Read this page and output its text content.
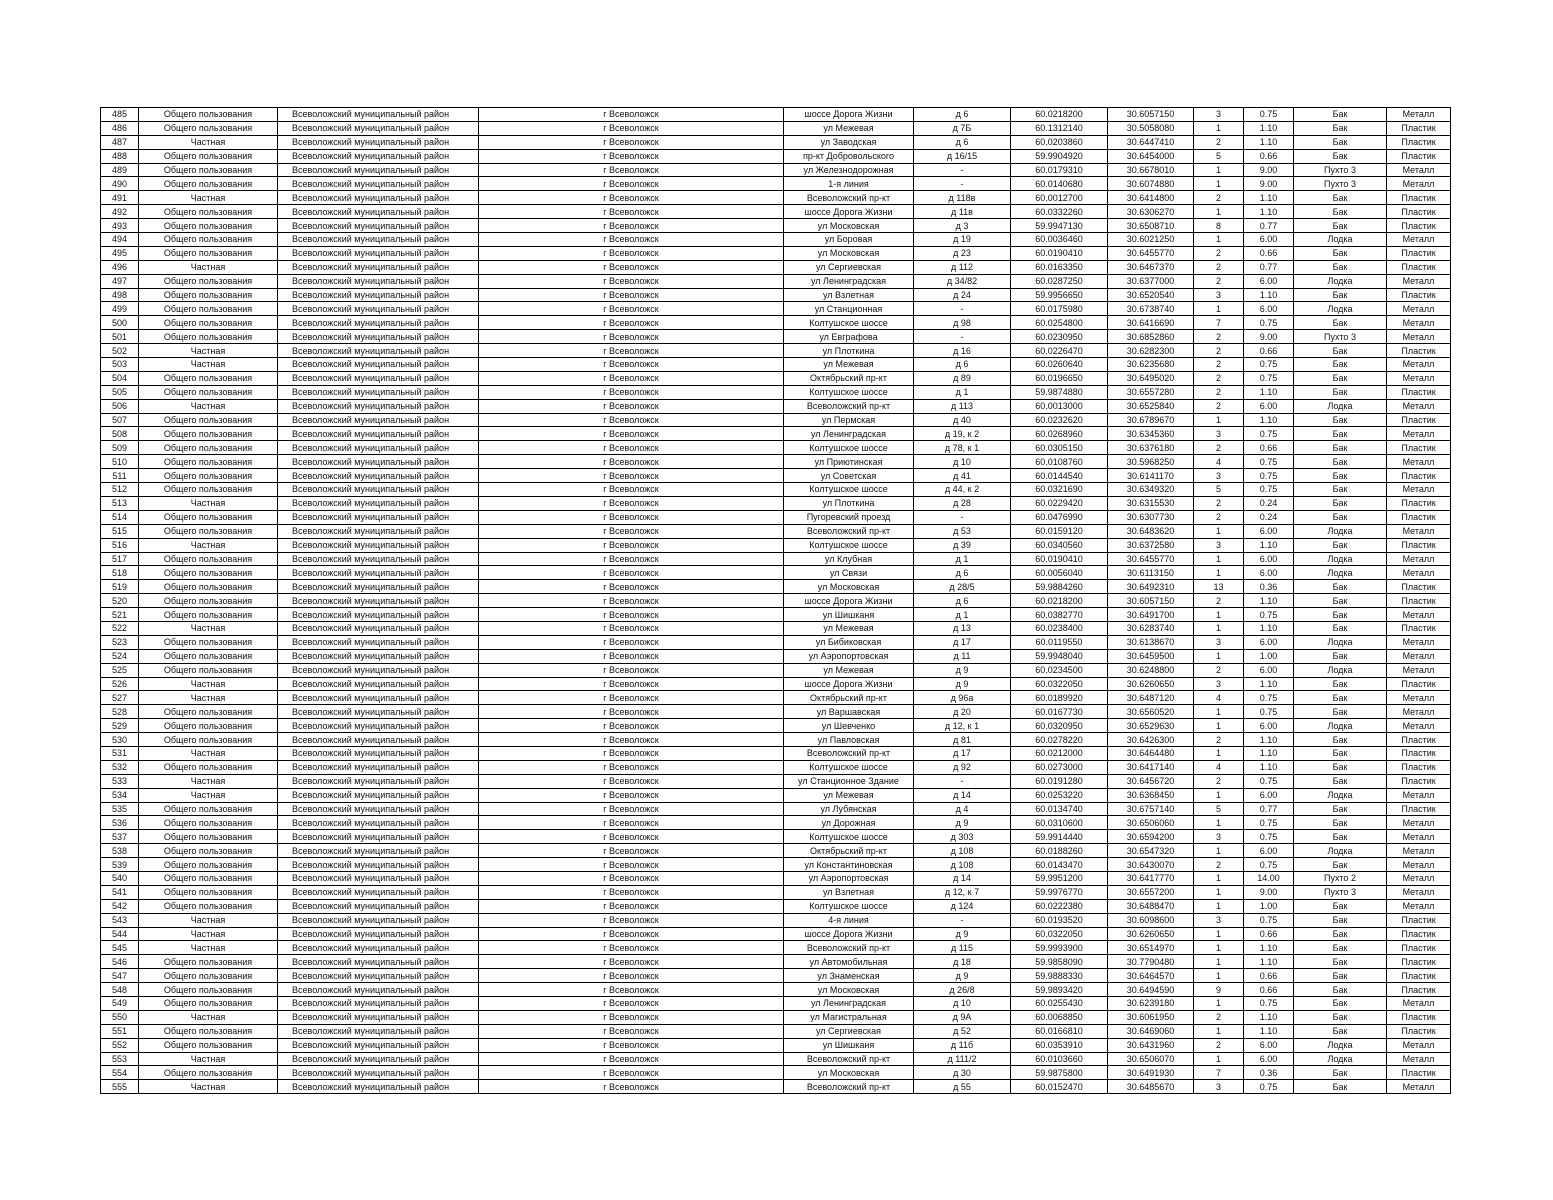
485	Общего пользования	Всеволожский муниципальный район	г Всеволожск	шоссе Дорога Жизни	д 6	60.0218200	30.6057150	3	0.75	Бак	Металл
486	Общего пользования	Всеволожский муниципальный район	г Всеволожск	ул Межевая	д 7Б	60.1312140	30.5058080	1	1.10	Бак	Пластик
487	Частная	Всеволожский муниципальный район	г Всеволожск	ул Заводская	д 6	60.0203860	30.6447410	2	1.10	Бак	Пластик
488	Общего пользования	Всеволожский муниципальный район	г Всеволожск	пр-кт Добровольского	д 16/15	59.9904920	30.6454000	5	0.66	Бак	Пластик
489	Общего пользования	Всеволожский муниципальный район	г Всеволожск	ул Железнодорожная	-	60.0179310	30.6678010	1	9.00	Пухто 3	Металл
490	Общего пользования	Всеволожский муниципальный район	г Всеволожск	1-я линия	-	60.0140680	30.6074880	1	9.00	Пухто 3	Металл
491	Частная	Всеволожский муниципальный район	г Всеволожск	Всеволожский пр-кт	д 118в	60.0012700	30.6414800	2	1.10	Бак	Пластик
492	Общего пользования	Всеволожский муниципальный район	г Всеволожск	шоссе Дорога Жизни	д 11в	60.0332260	30.6306270	1	1.10	Бак	Пластик
493	Общего пользования	Всеволожский муниципальный район	г Всеволожск	ул Московская	д 3	59.9947130	30.6508710	8	0.77	Бак	Пластик
494	Общего пользования	Всеволожский муниципальный район	г Всеволожск	ул Боровая	д 19	60.0036460	30.6021250	1	6.00	Лодка	Металл
495	Общего пользования	Всеволожский муниципальный район	г Всеволожск	ул Московская	д 23	60.0190410	30.6455770	2	0.66	Бак	Пластик
496	Частная	Всеволожский муниципальный район	г Всеволожск	ул Сергиевская	д 112	60.0163350	30.6467370	2	0.77	Бак	Пластик
497	Общего пользования	Всеволожский муниципальный район	г Всеволожск	ул Ленинградская	д 34/82	60.0287250	30.6377000	2	6.00	Лодка	Металл
498	Общего пользования	Всеволожский муниципальный район	г Всеволожск	ул Взлетная	д 24	59.9956650	30.6520540	3	1.10	Бак	Пластик
499	Общего пользования	Всеволожский муниципальный район	г Всеволожск	ул Станционная	-	60.0175980	30.6738740	1	6.00	Лодка	Металл
500	Общего пользования	Всеволожский муниципальный район	г Всеволожск	Колтушское шоссе	д 98	60.0254800	30.6416690	7	0.75	Бак	Металл
501	Общего пользования	Всеволожский муниципальный район	г Всеволожск	ул Евграфова	-	60.0230950	30.6852860	2	9.00	Пухто 3	Металл
502	Частная	Всеволожский муниципальный район	г Всеволожск	ул Плоткина	д 16	60.0226470	30.6282300	2	0.66	Бак	Пластик
503	Частная	Всеволожский муниципальный район	г Всеволожск	ул Межевая	д 6	60.0260640	30.6235680	2	0.75	Бак	Металл
504	Общего пользования	Всеволожский муниципальный район	г Всеволожск	Октябрьский пр-кт	д 89	60.0196650	30.6495020	2	0.75	Бак	Металл
505	Общего пользования	Всеволожский муниципальный район	г Всеволожск	Колтушское шоссе	д 1	59.9874880	30.6557280	2	1.10	Бак	Пластик
506	Частная	Всеволожский муниципальный район	г Всеволожск	Всеволожский пр-кт	д 113	60.0013000	30.6525840	2	6.00	Лодка	Металл
507	Общего пользования	Всеволожский муниципальный район	г Всеволожск	ул Пермская	д 40	60.0232620	30.6789670	1	1.10	Бак	Пластик
508	Общего пользования	Всеволожский муниципальный район	г Всеволожск	ул Ленинградская	д 19, к 2	60.0268960	30.6345360	3	0.75	Бак	Металл
509	Общего пользования	Всеволожский муниципальный район	г Всеволожск	Колтушское шоссе	д 78, к 1	60.0305150	30.6376180	2	0.66	Бак	Пластик
510	Общего пользования	Всеволожский муниципальный район	г Всеволожск	ул Приютинская	д 10	60.0108760	30.5968250	4	0.75	Бак	Металл
511	Общего пользования	Всеволожский муниципальный район	г Всеволожск	ул Советская	д 41	60.0144540	30.6141170	3	0.75	Бак	Пластик
512	Общего пользования	Всеволожский муниципальный район	г Всеволожск	Колтушское шоссе	д 44, к 2	60.0321690	30.6349320	5	0.75	Бак	Металл
513	Частная	Всеволожский муниципальный район	г Всеволожск	ул Плоткина	д 28	60.0229420	30.6315530	2	0.24	Бак	Пластик
514	Общего пользования	Всеволожский муниципальный район	г Всеволожск	Пугоревский проезд	-	60.0476990	30.6307730	2	0.24	Бак	Пластик
515	Общего пользования	Всеволожский муниципальный район	г Всеволожск	Всеволожский пр-кт	д 53	60.0159120	30.6483620	1	6.00	Лодка	Металл
516	Частная	Всеволожский муниципальный район	г Всеволожск	Колтушское шоссе	д 39	60.0340560	30.6372580	3	1.10	Бак	Пластик
517	Общего пользования	Всеволожский муниципальный район	г Всеволожск	ул Клубная	д 1	60.0190410	30.6455770	1	6.00	Лодка	Металл
518	Общего пользования	Всеволожский муниципальный район	г Всеволожск	ул Связи	д 6	60.0056040	30.6113150	1	6.00	Лодка	Металл
519	Общего пользования	Всеволожский муниципальный район	г Всеволожск	ул Московская	д 28/5	59.9884260	30.6492310	13	0.36	Бак	Пластик
520	Общего пользования	Всеволожский муниципальный район	г Всеволожск	шоссе Дорога Жизни	д 6	60.0218200	30.6057150	2	1.10	Бак	Пластик
521	Общего пользования	Всеволожский муниципальный район	г Всеволожск	ул Шишканя	д 1	60.0382770	30.6491700	1	0.75	Бак	Металл
522	Частная	Всеволожский муниципальный район	г Всеволожск	ул Межевая	д 13	60.0238400	30.6283740	1	1.10	Бак	Пластик
523	Общего пользования	Всеволожский муниципальный район	г Всеволожск	ул Бибиковская	д 17	60.0119550	30.6138670	3	6.00	Лодка	Металл
524	Общего пользования	Всеволожский муниципальный район	г Всеволожск	ул Аэропортовская	д 11	59.9948040	30.6459500	1	1.00	Бак	Металл
525	Общего пользования	Всеволожский муниципальный район	г Всеволожск	ул Межевая	д 9	60.0234500	30.6248800	2	6.00	Лодка	Металл
526	Частная	Всеволожский муниципальный район	г Всеволожск	шоссе Дорога Жизни	д 9	60.0322050	30.6260650	3	1.10	Бак	Пластик
527	Частная	Всеволожский муниципальный район	г Всеволожск	Октябрьский пр-кт	д 96а	60.0189920	30.6487120	4	0.75	Бак	Металл
528	Общего пользования	Всеволожский муниципальный район	г Всеволожск	ул Варшавская	д 20	60.0167730	30.6560520	1	0.75	Бак	Металл
529	Общего пользования	Всеволожский муниципальный район	г Всеволожск	ул Шевченко	д 12, к 1	60.0320950	30.6529630	1	6.00	Лодка	Металл
530	Общего пользования	Всеволожский муниципальный район	г Всеволожск	ул Павловская	д 81	60.0278220	30.6426300	2	1.10	Бак	Пластик
531	Частная	Всеволожский муниципальный район	г Всеволожск	Всеволожский пр-кт	д 17	60.0212000	30.6464480	1	1.10	Бак	Пластик
532	Общего пользования	Всеволожский муниципальный район	г Всеволожск	Колтушское шоссе	д 92	60.0273000	30.6417140	4	1.10	Бак	Пластик
533	Частная	Всеволожский муниципальный район	г Всеволожск	ул Станционное Здание	-	60.0191280	30.6456720	2	0.75	Бак	Пластик
534	Частная	Всеволожский муниципальный район	г Всеволожск	ул Межевая	д 14	60.0253220	30.6368450	1	6.00	Лодка	Металл
535	Общего пользования	Всеволожский муниципальный район	г Всеволожск	ул Лубянская	д 4	60.0134740	30.6757140	5	0.77	Бак	Пластик
536	Общего пользования	Всеволожский муниципальный район	г Всеволожск	ул Дорожная	д 9	60.0310600	30.6506060	1	0.75	Бак	Металл
537	Общего пользования	Всеволожский муниципальный район	г Всеволожск	Колтушское шоссе	д 303	59.9914440	30.6594200	3	0.75	Бак	Металл
538	Общего пользования	Всеволожский муниципальный район	г Всеволожск	Октябрьский пр-кт	д 108	60.0188260	30.6547320	1	6.00	Лодка	Металл
539	Общего пользования	Всеволожский муниципальный район	г Всеволожск	ул Константиновская	д 108	60.0143470	30.6430070	2	0.75	Бак	Металл
540	Общего пользования	Всеволожский муниципальный район	г Всеволожск	ул Аэропортовская	д 14	59.9951200	30.6417770	1	14.00	Пухто 2	Металл
541	Общего пользования	Всеволожский муниципальный район	г Всеволожск	ул Взлетная	д 12, к 7	59.9976770	30.6557200	1	9.00	Пухто 3	Металл
542	Общего пользования	Всеволожский муниципальный район	г Всеволожск	Колтушское шоссе	д 124	60.0222380	30.6488470	1	1.00	Бак	Металл
543	Частная	Всеволожский муниципальный район	г Всеволожск	4-я линия	-	60.0193520	30.6098600	3	0.75	Бак	Пластик
544	Частная	Всеволожский муниципальный район	г Всеволожск	шоссе Дорога Жизни	д 9	60.0322050	30.6260650	1	0.66	Бак	Пластик
545	Частная	Всеволожский муниципальный район	г Всеволожск	Всеволожский пр-кт	д 115	59.9993900	30.6514970	1	1.10	Бак	Пластик
546	Общего пользования	Всеволожский муниципальный район	г Всеволожск	ул Автомобильная	д 18	59.9858090	30.7790480	1	1.10	Бак	Пластик
547	Общего пользования	Всеволожский муниципальный район	г Всеволожск	ул Знаменская	д 9	59.9888330	30.6464570	1	0.66	Бак	Пластик
548	Общего пользования	Всеволожский муниципальный район	г Всеволожск	ул Московская	д 26/8	59.9893420	30.6494590	9	0.66	Бак	Пластик
549	Общего пользования	Всеволожский муниципальный район	г Всеволожск	ул Ленинградская	д 10	60.0255430	30.6239180	1	0.75	Бак	Металл
550	Частная	Всеволожский муниципальный район	г Всеволожск	ул Магистральная	д 9А	60.0068850	30.6061950	2	1.10	Бак	Пластик
551	Общего пользования	Всеволожский муниципальный район	г Всеволожск	ул Сергиевская	д 52	60.0166810	30.6469060	1	1.10	Бак	Пластик
552	Общего пользования	Всеволожский муниципальный район	г Всеволожск	ул Шишканя	д 11б	60.0353910	30.6431960	2	6.00	Лодка	Металл
553	Частная	Всеволожский муниципальный район	г Всеволожск	Всеволожский пр-кт	д 111/2	60.0103660	30.6506070	1	6.00	Лодка	Металл
554	Общего пользования	Всеволожский муниципальный район	г Всеволожск	ул Московская	д 30	59.9875800	30.6491930	7	0.36	Бак	Пластик
555	Частная	Всеволожский муниципальный район	г Всеволожск	Всеволожский пр-кт	д 55	60.0152470	30.6485670	3	0.75	Бак	Металл
